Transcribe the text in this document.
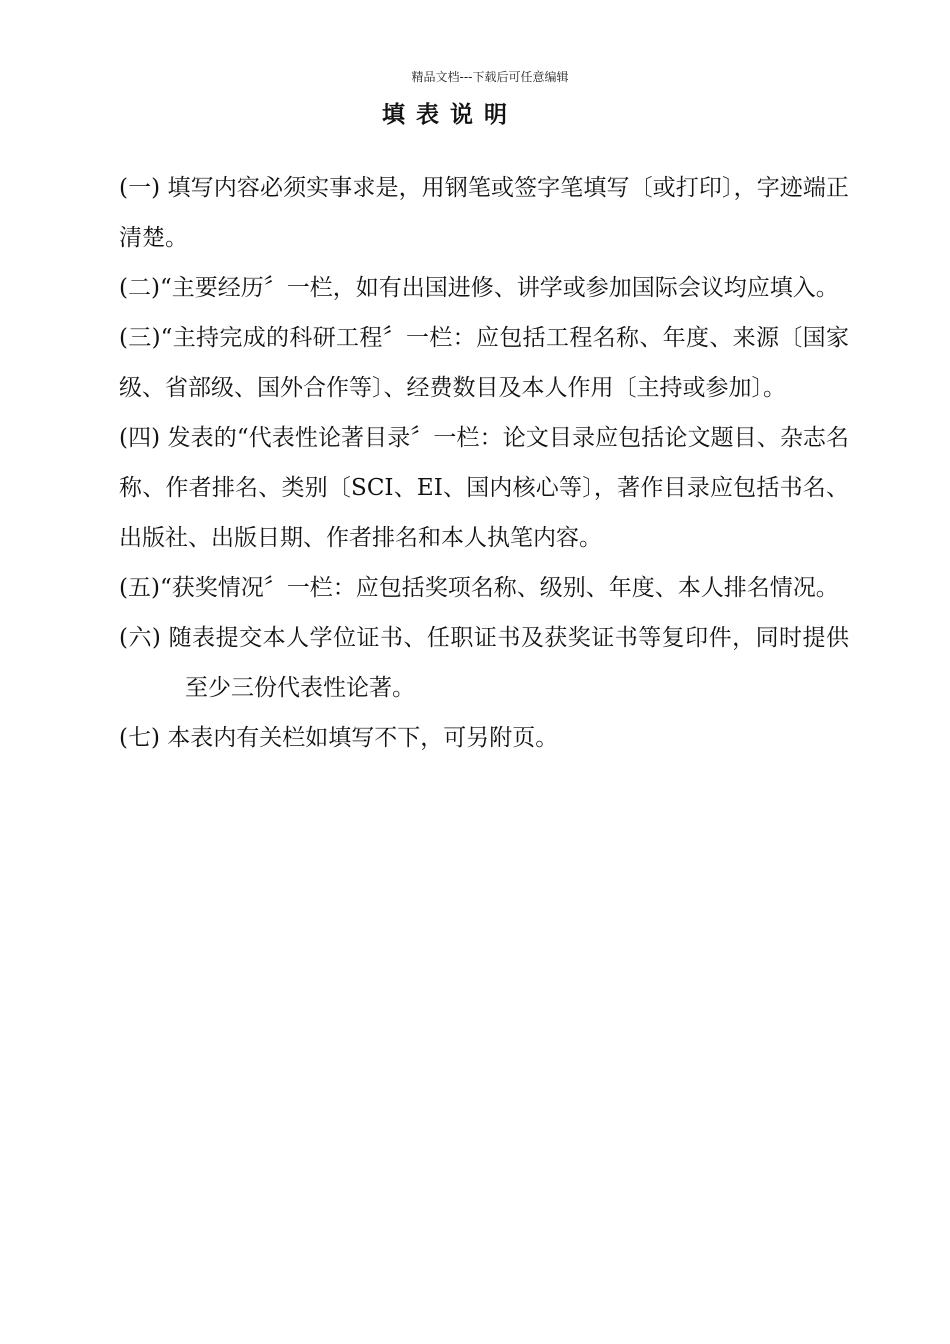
精品文档---下载后可任意编辑
填表说明
(一) 填写内容必须实事求是，用钢笔或签字笔填写〔或打印〕，字迹端正清楚。
(二)“主要经历〞一栏，如有出国进修、讲学或参加国际会议均应填入。
(三)“主持完成的科研工程〞一栏：应包括工程名称、年度、来源〔国家级、省部级、国外合作等〕、经费数目及本人作用〔主持或参加〕。
(四) 发表的“代表性论著目录〞一栏：论文目录应包括论文题目、杂志名称、作者排名、类别〔SCI、EI、国内核心等〕，著作目录应包括书名、出版社、出版日期、作者排名和本人执笔内容。
(五)“获奖情况〞一栏：应包括奖项名称、级别、年度、本人排名情况。
(六) 随表提交本人学位证书、任职证书及获奖证书等复印件，同时提供至少三份代表性论著。
(七) 本表内有关栏如填写不下，可另附页。
